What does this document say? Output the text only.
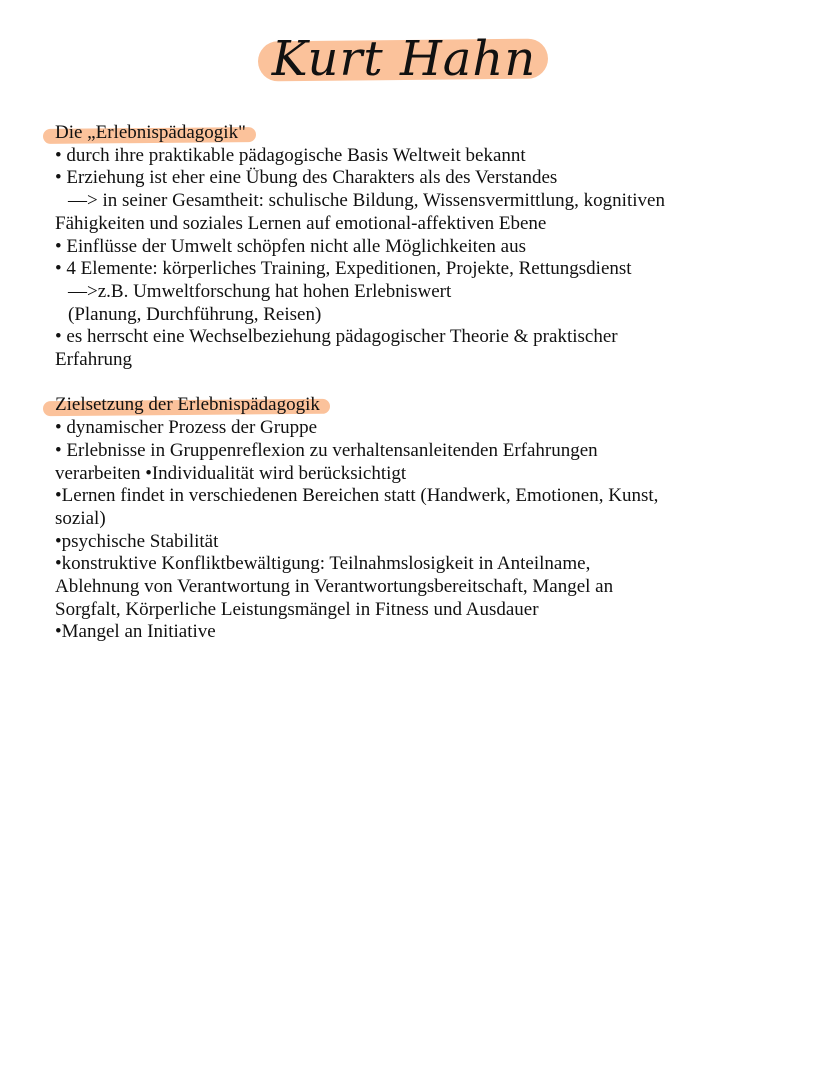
Kurt Hahn
Die „Erlebnispädagogik"
• durch ihre praktikable pädagogische Basis Weltweit bekannt
• Erziehung ist eher eine Übung des Charakters als des Verstandes
—> in seiner Gesamtheit: schulische Bildung, Wissensvermittlung, kognitiven
Fähigkeiten und soziales Lernen auf emotional-affektiven Ebene
• Einflüsse der Umwelt schöpfen nicht alle Möglichkeiten aus
• 4 Elemente: körperliches Training, Expeditionen, Projekte, Rettungsdienst
—>z.B. Umweltforschung hat hohen Erlebniswert
(Planung, Durchführung, Reisen)
• es herrscht eine Wechselbeziehung pädagogischer Theorie & praktischer
Erfahrung
Zielsetzung der Erlebnispädagogik
• dynamischer Prozess der Gruppe
• Erlebnisse in Gruppenreflexion zu verhaltensanleitenden Erfahrungen
verarbeiten •Individualität wird berücksichtigt
•Lernen findet in verschiedenen Bereichen statt (Handwerk, Emotionen, Kunst,
sozial)
•psychische Stabilität
•konstruktive Konfliktbewältigung: Teilnahmslosigkeit in Anteilname,
Ablehnung von Verantwortung in Verantwortungsbereitschaft, Mangel an
Sorgfalt, Körperliche Leistungsmängel in Fitness und Ausdauer
•Mangel an Initiative
